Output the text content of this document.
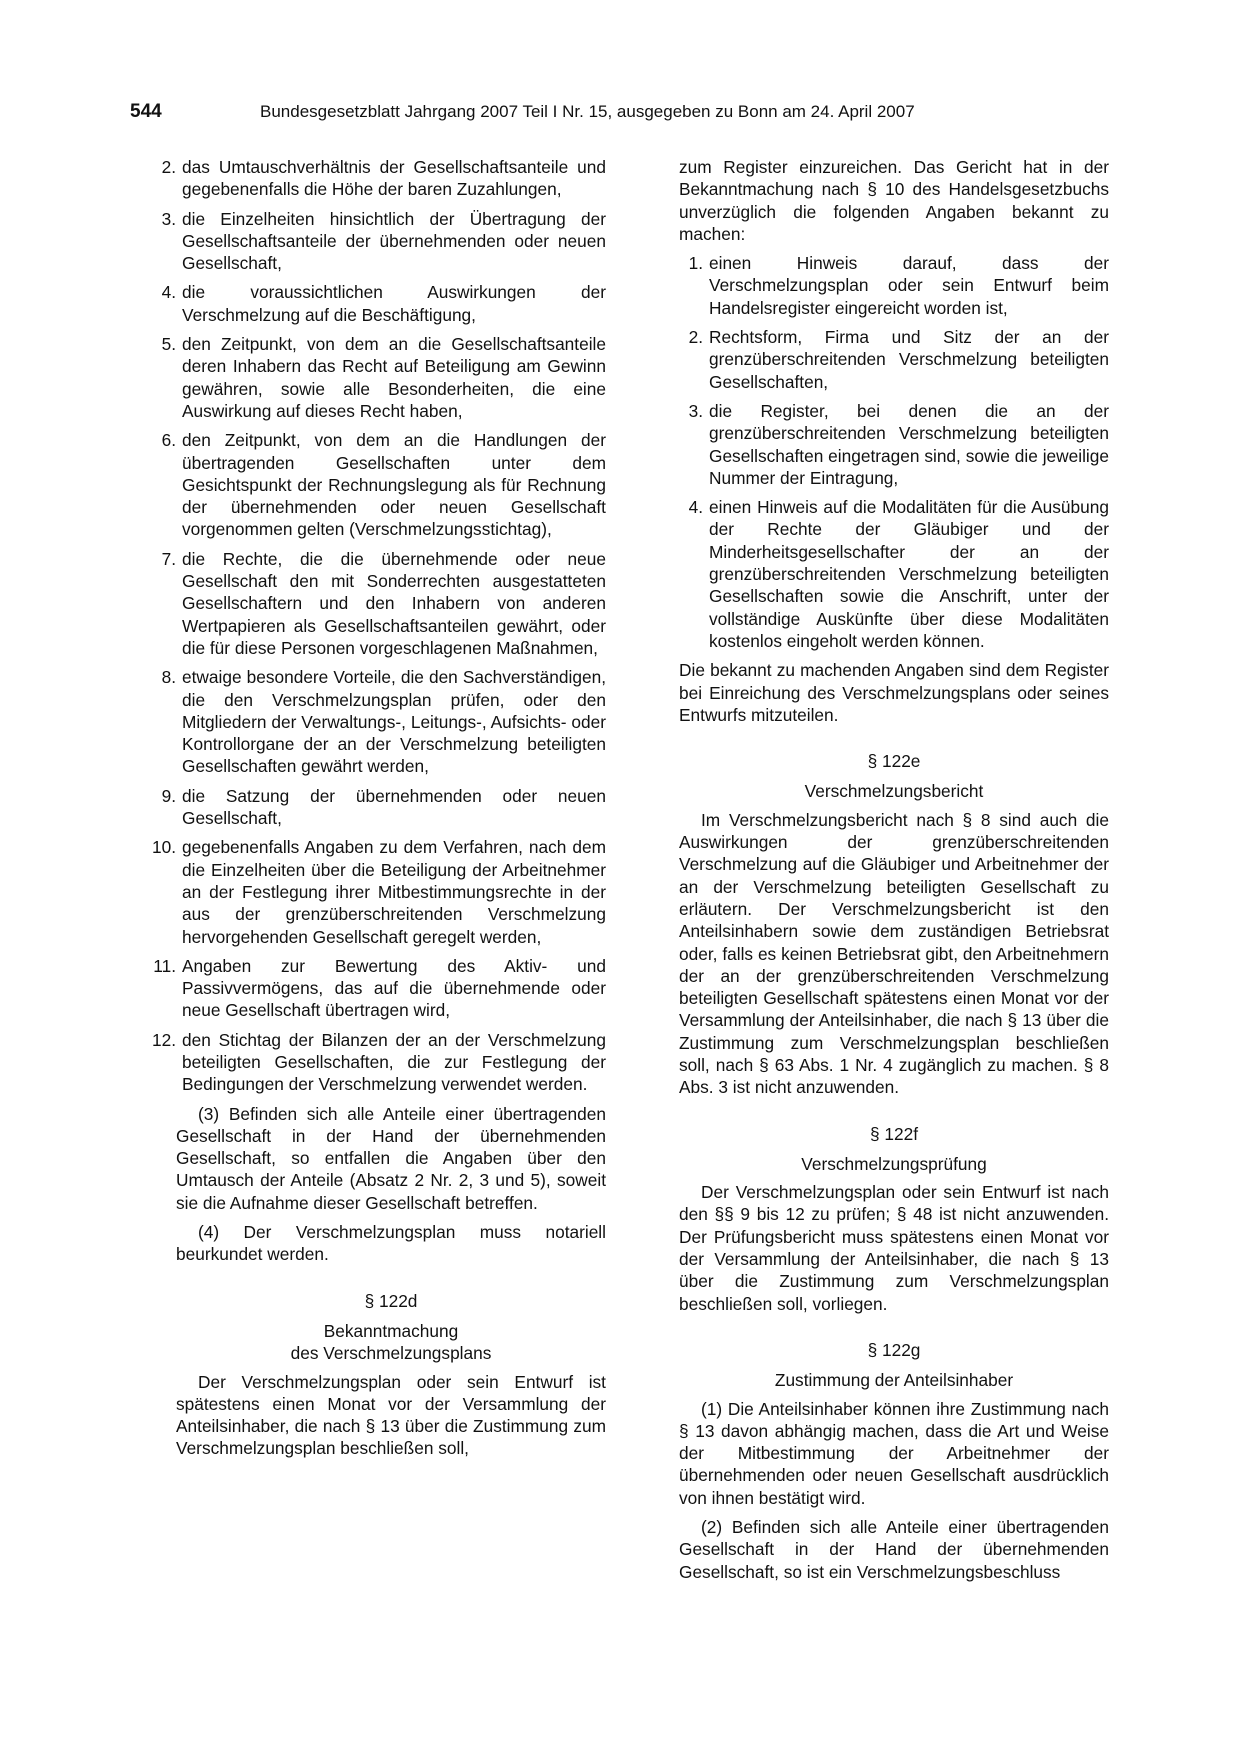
544	Bundesgesetzblatt Jahrgang 2007 Teil I Nr. 15, ausgegeben zu Bonn am 24. April 2007
2. das Umtauschverhältnis der Gesellschaftsanteile und gegebenenfalls die Höhe der baren Zuzahlungen,
3. die Einzelheiten hinsichtlich der Übertragung der Gesellschaftsanteile der übernehmenden oder neuen Gesellschaft,
4. die voraussichtlichen Auswirkungen der Verschmelzung auf die Beschäftigung,
5. den Zeitpunkt, von dem an die Gesellschaftsanteile deren Inhabern das Recht auf Beteiligung am Gewinn gewähren, sowie alle Besonderheiten, die eine Auswirkung auf dieses Recht haben,
6. den Zeitpunkt, von dem an die Handlungen der übertragenden Gesellschaften unter dem Gesichtspunkt der Rechnungslegung als für Rechnung der übernehmenden oder neuen Gesellschaft vorgenommen gelten (Verschmelzungsstichtag),
7. die Rechte, die die übernehmende oder neue Gesellschaft den mit Sonderrechten ausgestatteten Gesellschaftern und den Inhabern von anderen Wertpapieren als Gesellschaftsanteilen gewährt, oder die für diese Personen vorgeschlagenen Maßnahmen,
8. etwaige besondere Vorteile, die den Sachverständigen, die den Verschmelzungsplan prüfen, oder den Mitgliedern der Verwaltungs-, Leitungs-, Aufsichts- oder Kontrollorgane der an der Verschmelzung beteiligten Gesellschaften gewährt werden,
9. die Satzung der übernehmenden oder neuen Gesellschaft,
10. gegebenenfalls Angaben zu dem Verfahren, nach dem die Einzelheiten über die Beteiligung der Arbeitnehmer an der Festlegung ihrer Mitbestimmungsrechte in der aus der grenzüberschreitenden Verschmelzung hervorgehenden Gesellschaft geregelt werden,
11. Angaben zur Bewertung des Aktiv- und Passivvermögens, das auf die übernehmende oder neue Gesellschaft übertragen wird,
12. den Stichtag der Bilanzen der an der Verschmelzung beteiligten Gesellschaften, die zur Festlegung der Bedingungen der Verschmelzung verwendet werden.

(3) Befinden sich alle Anteile einer übertragenden Gesellschaft in der Hand der übernehmenden Gesellschaft, so entfallen die Angaben über den Umtausch der Anteile (Absatz 2 Nr. 2, 3 und 5), soweit sie die Aufnahme dieser Gesellschaft betreffen.

(4) Der Verschmelzungsplan muss notariell beurkundet werden.

§ 122d
Bekanntmachung
des Verschmelzungsplans

Der Verschmelzungsplan oder sein Entwurf ist spätestens einen Monat vor der Versammlung der Anteilsinhaber, die nach § 13 über die Zustimmung zum Verschmelzungsplan beschließen soll,

zum Register einzureichen. Das Gericht hat in der Bekanntmachung nach § 10 des Handelsgesetzbuchs unverzüglich die folgenden Angaben bekannt zu machen:

1. einen Hinweis darauf, dass der Verschmelzungsplan oder sein Entwurf beim Handelsregister eingereicht worden ist,
2. Rechtsform, Firma und Sitz der an der grenzüberschreitenden Verschmelzung beteiligten Gesellschaften,
3. die Register, bei denen die an der grenzüberschreitenden Verschmelzung beteiligten Gesellschaften eingetragen sind, sowie die jeweilige Nummer der Eintragung,
4. einen Hinweis auf die Modalitäten für die Ausübung der Rechte der Gläubiger und der Minderheitsgesellschafter der an der grenzüberschreitenden Verschmelzung beteiligten Gesellschaften sowie die Anschrift, unter der vollständige Auskünfte über diese Modalitäten kostenlos eingeholt werden können.

Die bekannt zu machenden Angaben sind dem Register bei Einreichung des Verschmelzungsplans oder seines Entwurfs mitzuteilen.

§ 122e
Verschmelzungsbericht

Im Verschmelzungsbericht nach § 8 sind auch die Auswirkungen der grenzüberschreitenden Verschmelzung auf die Gläubiger und Arbeitnehmer der an der Verschmelzung beteiligten Gesellschaft zu erläutern. Der Verschmelzungsbericht ist den Anteilsinhabern sowie dem zuständigen Betriebsrat oder, falls es keinen Betriebsrat gibt, den Arbeitnehmern der an der grenzüberschreitenden Verschmelzung beteiligten Gesellschaft spätestens einen Monat vor der Versammlung der Anteilsinhaber, die nach § 13 über die Zustimmung zum Verschmelzungsplan beschließen soll, nach § 63 Abs. 1 Nr. 4 zugänglich zu machen. § 8 Abs. 3 ist nicht anzuwenden.

§ 122f
Verschmelzungsprüfung

Der Verschmelzungsplan oder sein Entwurf ist nach den §§ 9 bis 12 zu prüfen; § 48 ist nicht anzuwenden. Der Prüfungsbericht muss spätestens einen Monat vor der Versammlung der Anteilsinhaber, die nach § 13 über die Zustimmung zum Verschmelzungsplan beschließen soll, vorliegen.

§ 122g
Zustimmung der Anteilsinhaber

(1) Die Anteilsinhaber können ihre Zustimmung nach § 13 davon abhängig machen, dass die Art und Weise der Mitbestimmung der Arbeitnehmer der übernehmenden oder neuen Gesellschaft ausdrücklich von ihnen bestätigt wird.

(2) Befinden sich alle Anteile einer übertragenden Gesellschaft in der Hand der übernehmenden Gesellschaft, so ist ein Verschmelzungsbeschluss
